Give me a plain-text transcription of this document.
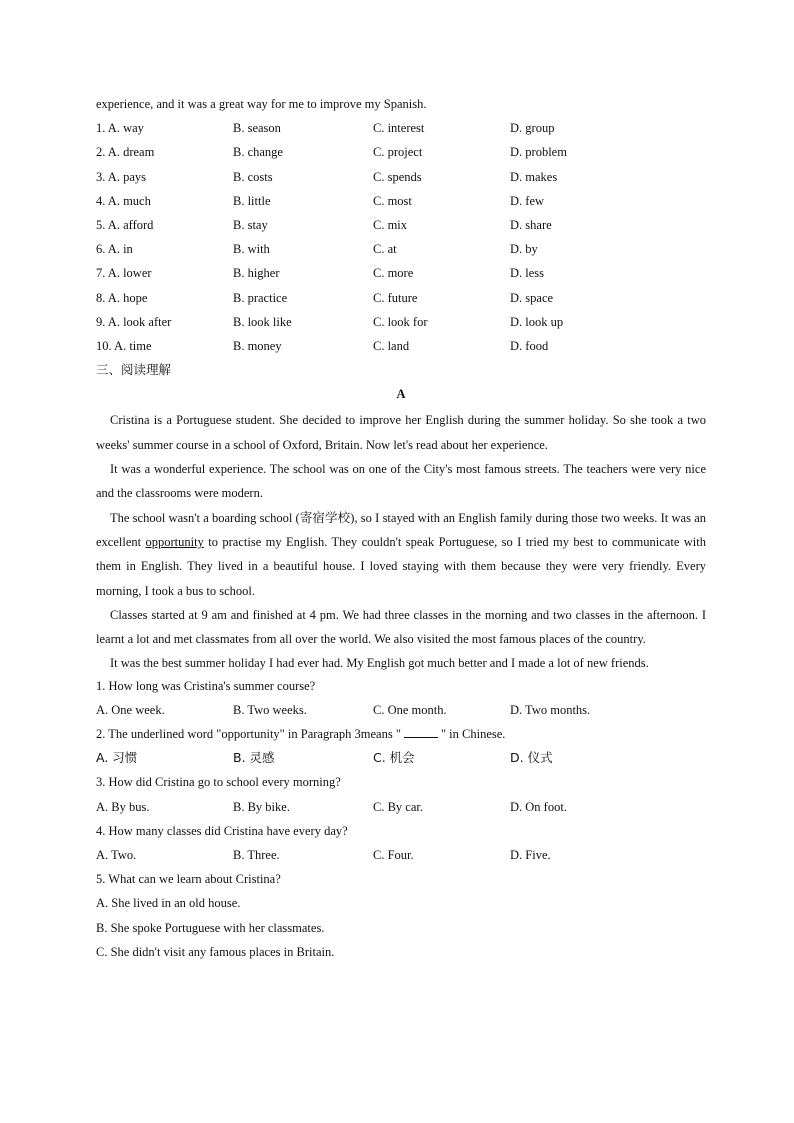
experience, and it was a great way for me to improve my Spanish.
1. A. way	B. season	C. interest	D. group
2. A. dream	B. change	C. project	D. problem
3. A. pays	B. costs	C. spends	D. makes
4. A. much	B. little	C. most	D. few
5. A. afford	B. stay	C. mix	D. share
6. A. in	B. with	C. at	D. by
7. A. lower	B. higher	C. more	D. less
8. A. hope	B. practice	C. future	D. space
9. A. look after	B. look like	C. look for	D. look up
10. A. time	B. money	C. land	D. food
三、阅读理解
A
Cristina is a Portuguese student. She decided to improve her English during the summer holiday. So she took a two weeks' summer course in a school of Oxford, Britain. Now let's read about her experience.
It was a wonderful experience. The school was on one of the City's most famous streets. The teachers were very nice and the classrooms were modern.
The school wasn't a boarding school (寄宿学校), so I stayed with an English family during those two weeks. It was an excellent opportunity to practise my English. They couldn't speak Portuguese, so I tried my best to communicate with them in English. They lived in a beautiful house. I loved staying with them because they were very friendly. Every morning, I took a bus to school.
Classes started at 9 am and finished at 4 pm. We had three classes in the morning and two classes in the afternoon. I learnt a lot and met classmates from all over the world. We also visited the most famous places of the country.
It was the best summer holiday I had ever had. My English got much better and I made a lot of new friends.
1. How long was Cristina's summer course?
A. One week.	B. Two weeks.	C. One month.	D. Two months.
2. The underlined word "opportunity" in Paragraph 3means "	" in Chinese.
A. 习惯	B. 灵感	C. 机会	D. 仪式
3. How did Cristina go to school every morning?
A. By bus.	B. By bike.	C. By car.	D. On foot.
4. How many classes did Cristina have every day?
A. Two.	B. Three.	C. Four.	D. Five.
5. What can we learn about Cristina?
A. She lived in an old house.
B. She spoke Portuguese with her classmates.
C. She didn't visit any famous places in Britain.
